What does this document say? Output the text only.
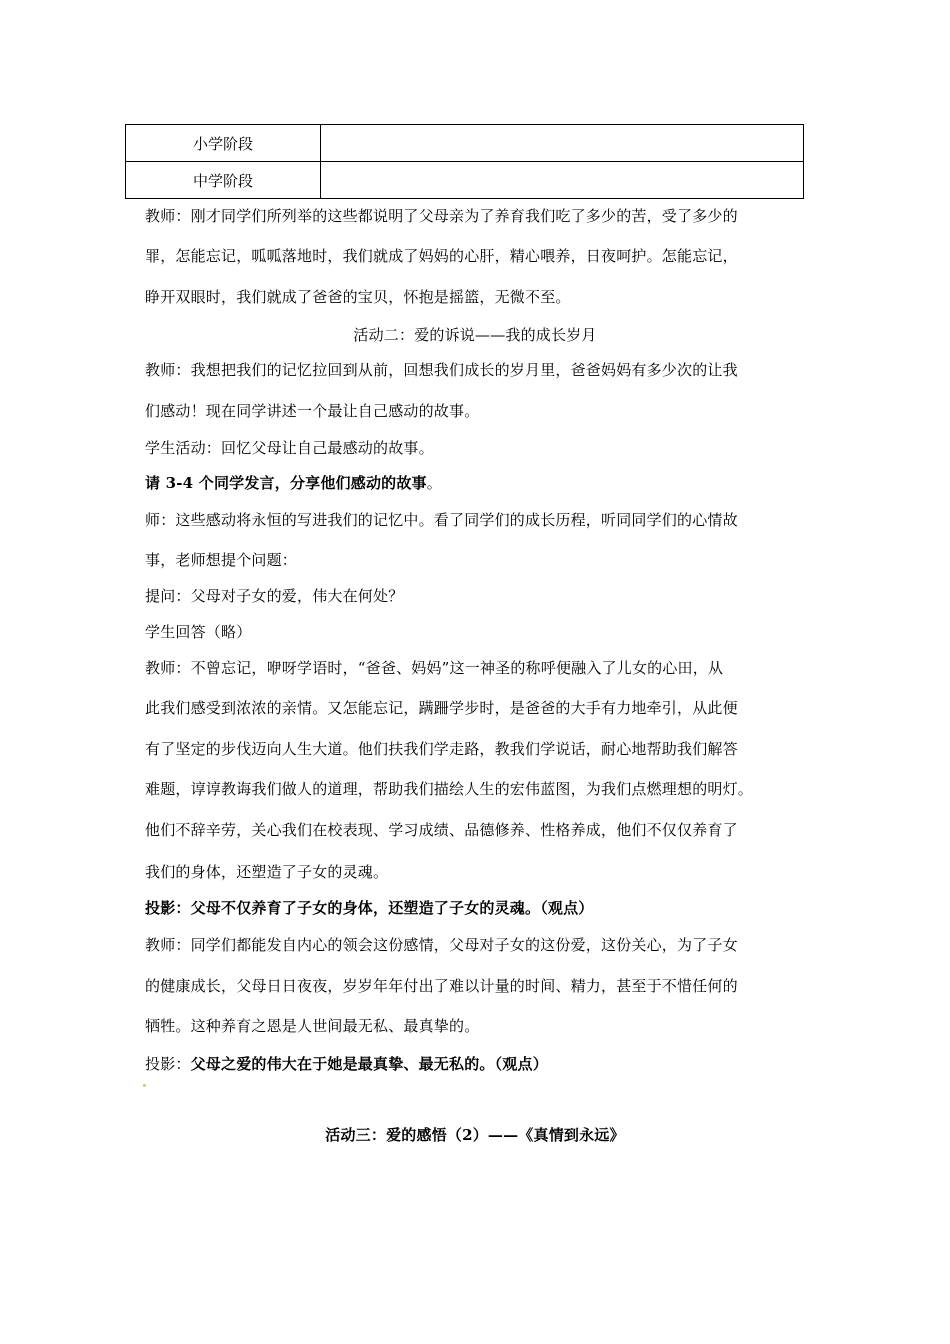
小学阶段	
中学阶段	
教师：刚才同学们所列举的这些都说明了父母亲为了养育我们吃了多少的苦，受了多少的
罪，怎能忘记，呱呱落地时，我们就成了妈妈的心肝，精心喂养，日夜呵护。怎能忘记，
睁开双眼时，我们就成了爸爸的宝贝，怀抱是摇篮，无微不至。
活动二：爱的诉说——我的成长岁月
教师：我想把我们的记忆拉回到从前，回想我们成长的岁月里，爸爸妈妈有多少次的让我
们感动！现在同学讲述一个最让自己感动的故事。
学生活动：回忆父母让自己最感动的故事。
请 3-4 个同学发言，分享他们感动的故事。
师：这些感动将永恒的写进我们的记忆中。看了同学们的成长历程，听同同学们的心情故
事，老师想提个问题：
提问：父母对子女的爱，伟大在何处？
学生回答（略）
教师：不曾忘记，咿呀学语时，“爸爸、妈妈”这一神圣的称呼便融入了儿女的心田，从
此我们感受到浓浓的亲情。又怎能忘记，蹒跚学步时，是爸爸的大手有力地牵引，从此便
有了坚定的步伐迈向人生大道。他们扶我们学走路，教我们学说话，耐心地帮助我们解答
难题，谆谆教诲我们做人的道理，帮助我们描绘人生的宏伟蓝图，为我们点燃理想的明灯。
他们不辞辛劳，关心我们在校表现、学习成绩、品德修养、性格养成，他们不仅仅养育了
我们的身体，还塑造了子女的灵魂。
投影：父母不仅养育了子女的身体，还塑造了子女的灵魂。（观点）
教师：同学们都能发自内心的领会这份感情，父母对子女的这份爱，这份关心，为了子女
的健康成长，父母日日夜夜，岁岁年年付出了难以计量的时间、精力，甚至于不惜任何的
牺牲。这种养育之恩是人世间最无私、最真挚的。
投影：父母之爱的伟大在于她是最真挚、最无私的。（观点）
活动三：爱的感悟（2）——《真情到永远》
